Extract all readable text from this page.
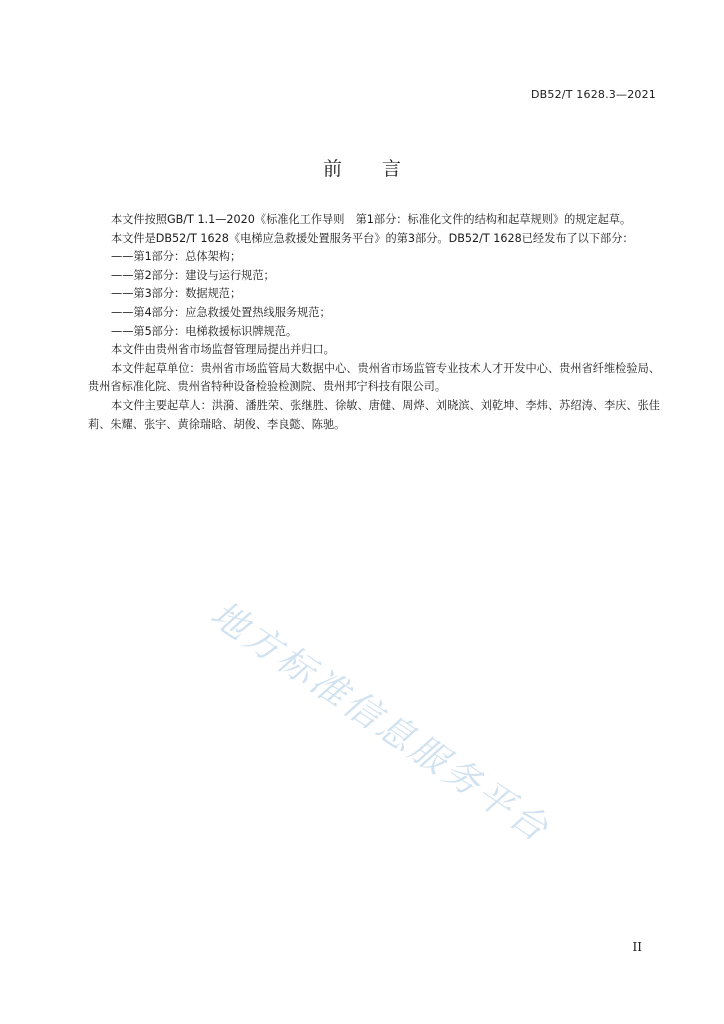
DB52/T 1628.3—2021
前言

本文件按照GB/T 1.1—2020《标准化工作导则　第1部分：标准化文件的结构和起草规则》的规定起草。

本文件是DB52/T 1628《电梯应急救援处置服务平台》的第3部分。DB52/T 1628已经发布了以下部分：

——第1部分：总体架构；

——第2部分：建设与运行规范；

——第3部分：数据规范；

——第4部分：应急救援处置热线服务规范；

——第5部分：电梯救援标识牌规范。

本文件由贵州省市场监督管理局提出并归口。

本文件起草单位：贵州省市场监管局大数据中心、贵州省市场监管专业技术人才开发中心、贵州省纤维检验局、贵州省标准化院、贵州省特种设备检验检测院、贵州邦宁科技有限公司。

本文件主要起草人：洪漪、潘胜荣、张继胜、徐敏、唐健、周烨、刘晓滨、刘乾坤、李炜、苏绍涛、李庆、张佳莉、朱耀、张宇、黄徐瑞晗、胡俊、李良懿、陈驰。

地方标准信息服务平台
II
